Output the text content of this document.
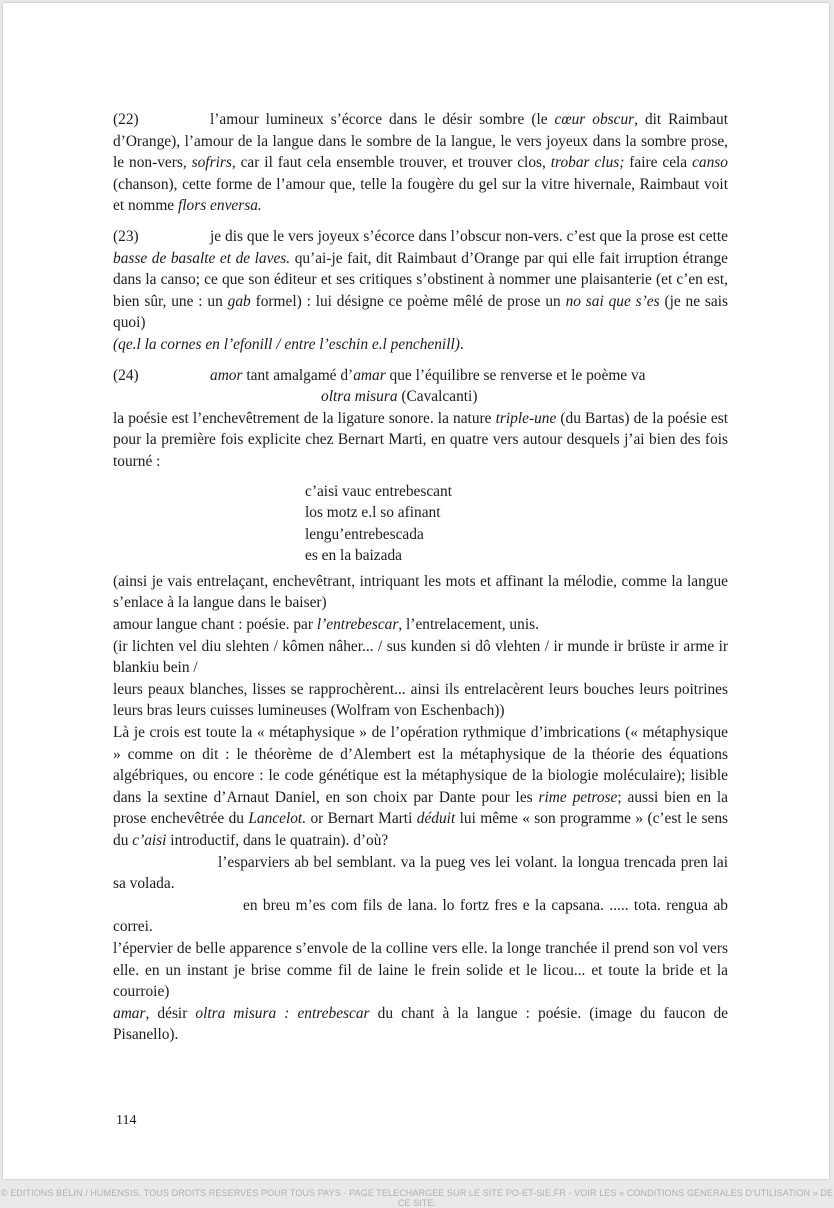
(22)	l’amour lumineux s’écorce dans le désir sombre (le cœur obscur, dit Raimbaut d’Orange), l’amour de la langue dans le sombre de la langue, le vers joyeux dans la sombre prose, le non-vers, sofrirs, car il faut cela ensemble trouver, et trouver clos, trobar clus; faire cela canso (chanson), cette forme de l’amour que, telle la fougère du gel sur la vitre hivernale, Raimbaut voit et nomme flors enversa.

(23)	je dis que le vers joyeux s’écorce dans l’obscur non-vers. c’est que la prose est cette basse de basalte et de laves. qu’ai-je fait, dit Raimbaut d’Orange par qui elle fait irruption étrange dans la canso; ce que son éditeur et ses critiques s’obstinent à nommer une plaisanterie (et c’en est, bien sûr, une : un gab formel) : lui désigne ce poème mêlé de prose un no sai que s’es (je ne sais quoi)
(qe.l la cornes en l’efonill / entre l’eschin e.l penchenill).

(24)	amor tant amalgamé d’amar que l’équilibre se renverse et le poème va

oltra misura (Cavalcanti)

la poésie est l’enchevêtrement de la ligature sonore. la nature triple-une (du Bartas) de la poésie est pour la première fois explicite chez Bernart Marti, en quatre vers autour desquels j’ai bien des fois tourné :

c’aisi vauc entrebescant
los motz e.l so afinant
lengu’entrebescada
es en la baizada

(ainsi je vais entrelaçant, enchevêtrant, intriquant les mots et affinant la mélodie, comme la langue s’enlace à la langue dans le baiser)

amour langue chant : poésie. par l’entrebescar, l’entrelacement, unis.

(ir lichten vel diu slehten / kômen nâher... / sus kunden si dô vlehten / ir munde ir brüste ir arme ir blankiu bein /

leurs peaux blanches, lisses se rapprochèrent... ainsi ils entrelacèrent leurs bouches leurs poitrines leurs bras leurs cuisses lumineuses (Wolfram von Eschenbach))

Là je crois est toute la « métaphysique » de l’opération rythmique d’imbrications (« métaphysique » comme on dit : le théorème de d’Alembert est la métaphysique de la théorie des équations algébriques, ou encore : le code génétique est la métaphysique de la biologie moléculaire); lisible dans la sextine d’Arnaut Daniel, en son choix par Dante pour les rime petrose; aussi bien en la prose enchevêtrée du Lancelot. or Bernart Marti déduit lui même « son programme » (c’est le sens du c’aisi introductif, dans le quatrain). d’où?

l’esparviers ab bel semblant. va la pueg ves lei volant. la longua trencada pren lai sa volada.

en breu m’es com fils de lana. lo fortz fres e la capsana. ..... tota. rengua ab correi.

l’épervier de belle apparence s’envole de la colline vers elle. la longe tranchée il prend son vol vers elle. en un instant je brise comme fil de laine le frein solide et le licou... et toute la bride et la courroie)

amar, désir oltra misura : entrebescar du chant à la langue : poésie. (image du faucon de Pisanello).

114
© EDITIONS BELIN / HUMENSIS. TOUS DROITS RESERVES POUR TOUS PAYS - PAGE TELECHARGEE SUR LE SITE PO-ET-SIE.FR - VOIR LES « CONDITIONS GENERALES D’UTILISATION » DE CE SITE.
